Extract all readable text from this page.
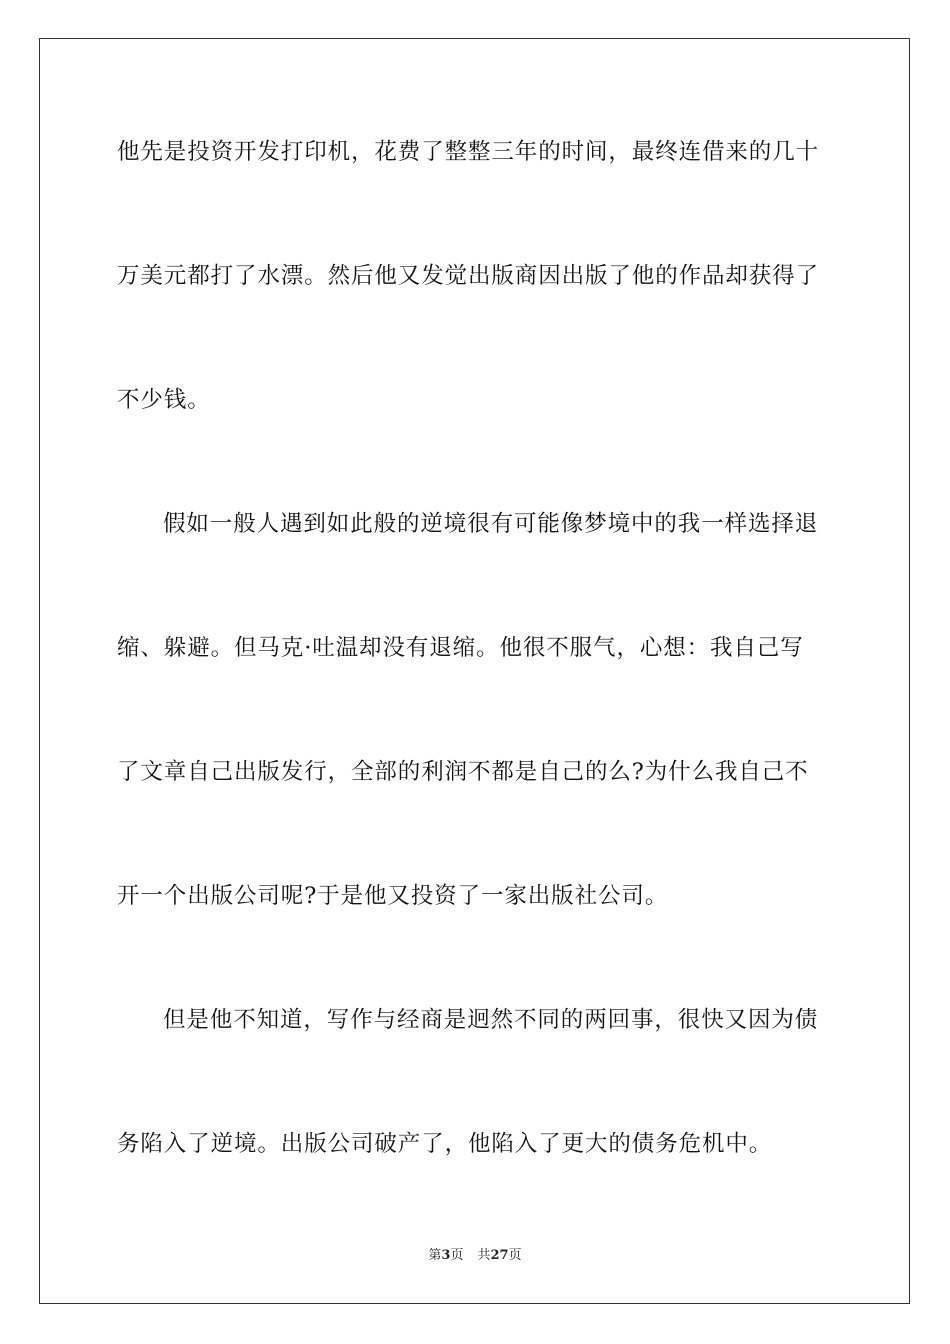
他先是投资开发打印机，花费了整整三年的时间，最终连借来的几十
万美元都打了水漂。然后他又发觉出版商因出版了他的作品却获得了
不少钱。
假如一般人遇到如此般的逆境很有可能像梦境中的我一样选择退
缩、躲避。但马克·吐温却没有退缩。他很不服气，心想：我自己写
了文章自己出版发行，全部的利润不都是自己的么?为什么我自己不
开一个出版公司呢?于是他又投资了一家出版社公司。
但是他不知道，写作与经商是迥然不同的两回事，很快又因为债
务陷入了逆境。出版公司破产了，他陷入了更大的债务危机中。
第3页 共27页
